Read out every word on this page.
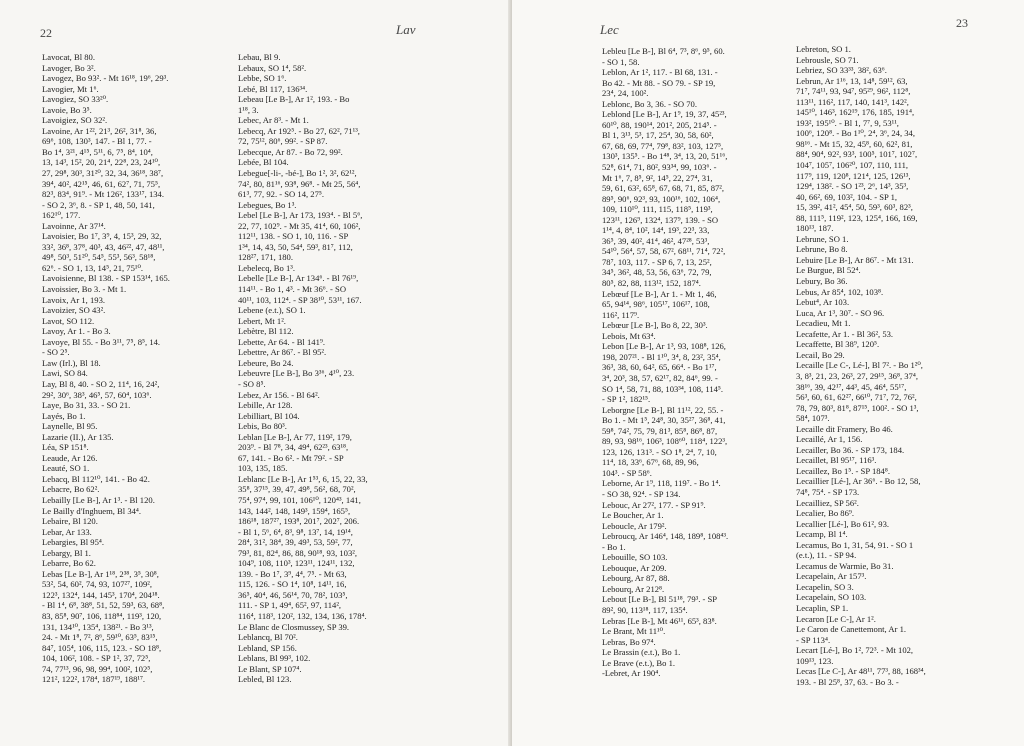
22	Lav
Lavocat, Bl 80.
Lavoger, Bo 3².
Lavogez, Bo 93². - Mt 16¹⁸, 19⁶, 29³.
Lavogier, Mt 1⁶.
Lavogiez, SO 33²⁰.
Lavoie, Bo 3⁵.
Lavoigiez, SO 32².
Lavoine, Ar 1²², 21³, 26², 31⁸, 36,
69⁶, 108, 130³, 147. - Bl 1, 77. -
Bo 1⁴, 3²¹, 4¹⁵, 5¹¹, 6, 7⁵, 8⁴, 10⁴,
13, 14³, 15², 20, 21⁴, 22⁸, 23, 24¹⁰,
27, 29⁸, 30³, 31²⁰, 32, 34, 36¹⁸, 38⁷,
39⁴, 40², 42¹⁵, 46, 61, 62⁷, 71, 75⁵,
82³, 83⁴, 91⁹. - Mt 126², 133¹⁷, 134.
- SO 2, 3⁶, 8. - SP 1, 48, 50, 141,
162¹⁰, 177.
Lavoinne, Ar 37¹⁴.
Lavoisier, Bo 1⁷, 3⁹, 4, 15³, 29, 32,
33², 36⁸, 37⁸, 40³, 43, 46²², 47, 48¹¹,
49⁸, 50³, 51²⁰, 54⁵, 55³, 56³, 58¹⁸,
62⁶. - SO 1, 13, 14⁵, 21, 75¹⁰.
Lavoisienne, Bl 138. - SP 153¹⁴, 165.
Lavoissier, Bo 3. - Mt 1.
Lavoix, Ar 1, 193.
Lavoizier, SO 43².
Lavot, SO 112.
Lavoy, Ar 1. - Bo 3.
Lavoye, Bl 55. - Bo 3¹¹, 7⁵, 8⁵, 14.
- SO 2⁵.
Law (Irl.), Bl 18.
Lawi, SO 84.
Lay, Bl 8, 40. - SO 2, 11⁴, 16, 24²,
29², 30⁶, 38³, 46⁵, 57, 60⁴, 103⁶.
Laye, Bo 31, 33. - SO 21.
Layés, Bo 1.
Laynelle, Bl 95.
Lazarie (II.), Ar 135.
Léa, SP 151⁸.
Leaude, Ar 126.
Leauté, SO 1.
Lebacq, Bl 112¹⁰, 141. - Bo 42.
Lebacre, Bo 62².
Lebailly [Le B-], Ar 1³. - Bl 120.
Le Bailly d'Inghuem, Bl 34⁴.
Lebaire, Bl 120.
Lebar, Ar 133.
Lebargies, Bl 95⁴.
Lebargy, Bl 1.
Lebarre, Bo 62.
Lebas [Le B-], Ar 1¹⁸, 2³⁸, 3⁵, 30⁸,
53², 54, 60², 74, 93, 107²⁷, 109²,
122³, 132⁴, 144, 145³, 170⁴, 204¹⁸.
- Bl 1⁴, 6⁸, 38⁸, 51, 52, 59³, 63, 68⁸,
83, 85⁸, 90⁷, 106, 118⁸⁴, 119³, 120,
131, 134¹⁰, 135⁴, 138²¹. - Bo 3¹³,
24. - Mt 1⁸, 7², 8⁶, 59¹⁰, 63⁵, 83¹⁵,
84⁷, 105⁴, 106, 115, 123. - SO 18⁸,
104, 106², 108. - SP 1², 37, 72⁵,
74, 77¹³, 96, 98, 99⁴, 100², 102⁵,
121², 122², 178⁴, 187¹⁹, 188¹⁷.
Lebau, Bl 9.
Lebaux, SO 1⁴, 58².
Lebbe, SO 1⁶.
Lebé, Bl 117, 136³⁴.
Lebeau [Le B-], Ar 1², 193. - Bo
1¹⁸, 3.
Lebec, Ar 8³. - Mt 1.
Lebecq, Ar 192⁵. - Bo 27, 62², 71¹³,
72, 75¹², 80⁶, 99². - SP 87.
Lebecque, Ar 87. - Bo 72, 99².
Lebée, Bl 104.
Lebegue[-li-, -bé-], Bo 1², 3², 62¹²,
74², 80, 81¹⁶, 93⁸, 96⁸. - Mt 25, 56⁴,
61³, 77, 92. - SO 14, 27⁵.
Lebegues, Bo 1³.
Lebel [Le B-], Ar 173, 193⁴. - Bl 5⁶,
22, 77, 102⁹. - Mt 35, 41⁴, 60, 106²,
112¹¹, 138. - SO 1, 10, 116. - SP
1³⁴, 14, 43, 50, 54⁴, 59³, 81⁷, 112,
128²⁷, 171, 180.
Lebelecq, Bo 1³.
Lebelle [Le B-], Ar 134⁶. - Bl 76¹⁹,
114¹¹. - Bo 1, 4³. - Mt 36⁶. - SO
40¹¹, 103, 112⁴. - SP 38¹⁰, 53¹¹, 167.
Lebene (e.t.), SO 1.
Lebert, Mt 1².
Lebètre, Bl 112.
Lebette, Ar 64. - Bl 141⁹.
Lebettre, Ar 86⁷. - Bl 95².
Lebeure, Bo 24.
Lebeuvre [Le B-], Bo 3³⁶, 4¹⁰, 23.
- SO 8⁵.
Lebez, Ar 156. - Bl 64².
Lebille, Ar 128.
Lebilliart, Bl 104.
Lebis, Bo 80³.
Leblan [Le B-], Ar 77, 119², 179,
203⁹. - Bl 7⁸, 34, 49⁴, 62²³, 63¹⁸,
67, 141. - Bo 6². - Mt 79². - SP
103, 135, 185.
Leblanc [Le B-], Ar 1⁵³, 6, 15, 22, 33,
35⁸, 37¹⁵, 39, 47, 49⁸, 56², 68, 70²,
75⁴, 97⁴, 99, 101, 106¹⁰, 120⁴³, 141,
143, 144², 148, 149³, 159⁴, 165⁵,
186¹⁸, 187²⁷, 193⁸, 201⁷, 202⁷, 206.
- Bl 1, 5⁶, 6⁴, 8³, 9⁸, 13⁷, 14, 19¹⁴,
28⁴, 31², 38⁴, 39, 49³, 53, 59², 77,
79³, 81, 82⁴, 86, 88, 90¹⁸, 93, 103²,
104⁹, 108, 110³, 123¹¹, 124¹¹, 132,
139. - Bo 1⁷, 3⁹, 4⁴, 7⁵. - Mt 63,
115, 126. - SO 1⁴, 10⁸, 14¹¹, 16,
36⁵, 40⁴, 46, 56¹⁴, 70, 78², 103⁵,
111. - SP 1, 49⁴, 65², 97, 114²,
116⁴, 118³, 120², 132, 134, 136, 178⁴.
Le Blanc de Closmussey, SP 39.
Leblancq, Bl 70².
Lebland, SP 156.
Leblans, Bl 99³, 102.
Le Blant, SP 107⁴.
Lebled, Bl 123.
Lec	23
Lebleu [Le B-], Bl 6⁴, 7³, 8⁶, 9⁵, 60.
- SO 1, 58.
Leblon, Ar 1², 117. - Bl 68, 131. -
Bo 42. - Mt 88. - SO 79. - SP 19,
23⁴, 24, 100².
Leblonc, Bo 3, 36. - SO 70.
Leblond [Le B-], Ar 1⁹, 19, 37, 45²³,
60¹⁰, 88, 190¹⁴, 201², 205, 214⁵. -
Bl 1, 3¹³, 5³, 17, 25⁴, 30, 58, 60²,
67, 68, 69, 77⁴, 79⁸, 83², 103, 127⁵,
130³, 135⁵. - Bo 1⁴⁸, 3⁴, 13, 20, 51¹⁶,
52⁸, 61⁴, 71, 80², 93³⁴, 99, 103⁶. -
Mt 1⁶, 7, 8⁵, 9², 14⁵, 22, 27⁴, 31,
59, 61, 63², 65⁸, 67, 68, 71, 85, 87²,
89⁵, 90⁶, 92³, 93, 100¹⁶, 102, 106⁴,
109, 110¹⁰, 111, 115, 118⁵, 119³,
123¹¹, 126⁹, 132⁴, 137⁹, 139. - SO
1¹⁴, 4, 8⁴, 10², 14⁴, 19³, 22³, 33,
36⁵, 39, 40², 41⁴, 46², 47²⁸, 53³,
54¹⁰, 56⁴, 57, 58, 67², 68¹¹, 71⁴, 72²,
78⁷, 103, 117. - SP 6, 7, 13, 25²,
34⁵, 36², 48, 53, 56, 63⁶, 72, 79,
80⁵, 82, 88, 113¹², 152, 187⁴.
Lebœuf [Le B-], Ar 1. - Mt 1, 46,
65, 94¹⁴, 98⁶, 105¹⁷, 106¹⁷, 108,
116², 117⁹.
Lebœur [Le B-], Bo 8, 22, 30³.
Lebois, Mt 63⁴.
Lebon [Le B-], Ar 1³, 93, 108⁸, 126,
198, 207²¹. - Bl 1¹⁰, 3⁴, 8, 23², 35⁴,
36³, 38, 60, 64², 65, 66⁴. - Bo 1¹⁷,
3⁴, 20³, 38, 57, 62¹⁷, 82, 84⁶, 99. -
SO 1⁴, 58, 71, 88, 103³⁴, 108, 114⁵.
- SP 1², 182¹⁵.
Leborgne [Le B-], Bl 11¹², 22, 55. -
Bo 1. - Mt 1⁵, 24⁸, 30, 35²⁷, 36⁸, 41,
59⁸, 74², 75, 79, 81³, 85⁸, 86⁸, 87,
89, 93, 98¹⁶, 106³, 108⁶⁰, 118⁴, 122³,
123, 126, 131³. - SO 1⁸, 2⁴, 7, 10,
11⁴, 18, 33⁶, 67⁶, 68, 89, 96,
104³. - SP 58⁶.
Leborne, Ar 1⁹, 118, 119⁷. - Bo 1⁴.
- SO 38, 92⁴. - SP 134.
Lebouc, Ar 27², 177. - SP 91⁹.
Le Boucher, Ar 1.
Leboucle, Ar 179².
Lebroucq, Ar 146⁴, 148, 189⁸, 108⁴³.
- Bo 1.
Lebouille, SO 103.
Lebouque, Ar 209.
Lebourg, Ar 87, 88.
Lebourq, Ar 212⁸.
Lebout [Le B-], Bl 51¹⁸, 79³. - SP
89², 90, 113¹⁸, 117, 135⁴.
Lebras [Le B-], Mt 46¹¹, 65³, 83⁸.
Le Brant, Mt 11¹⁰.
Lebras, Bo 97⁴.
Le Brassin (e.t.), Bo 1.
Le Brave (e.t.), Bo 1.
-Lebret, Ar 190⁴.
Lebreton, SO 1.
Lebrousle, SO 71.
Lebriez, SO 33³³, 38², 63⁶.
Lebrun, Ar 1¹⁶, 13, 14⁸, 59¹², 63,
71⁷, 74¹¹, 93, 94⁷, 95²⁹, 96², 112⁸,
113¹¹, 116², 117, 140, 141³, 142²,
145¹⁰, 146³, 162¹⁹, 176, 185, 191⁴,
193², 195¹⁰. - Bl 1, 7⁷, 9, 53¹¹,
100⁶, 120⁸. - Bo 1¹⁰, 2⁴, 3⁶, 24, 34,
98¹⁶. - Mt 15, 32, 45⁸, 60, 62², 81,
88⁴, 90⁴, 92², 93³, 100⁵, 101⁷, 102⁷,
104⁷, 105⁷, 106²⁰, 107, 110, 111,
117⁹, 119, 120⁸, 121⁴, 125, 126¹³,
129⁴, 138². - SO 1²³, 2⁶, 14³, 35³,
40, 66², 69, 103², 104. - SP 1,
15, 39², 41², 45⁴, 50, 59³, 60³, 82³,
88, 111⁵, 119², 123, 125⁴, 166, 169,
180¹³, 187.
Lebrune, SO 1.
Lebrune, Bo 8.
Lebuire [Le B-], Ar 86⁷. - Mt 131.
Le Burgue, Bl 52⁴.
Lebury, Bo 36.
Lebus, Ar 85⁴, 102, 103⁸.
Lebut⁴, Ar 103.
Luca, Ar 1³, 30⁷. - SO 96.
Lecadieu, Mt 1.
Lecafette, Ar 1. - Bl 36², 53.
Lecaffette, Bl 38⁹, 120⁵.
Lecail, Bo 29.
Lecaille [Le C-, Lé-], Bl 7². - Bo 1²⁰,
3, 8³, 21, 23, 26³, 27, 29¹⁵, 36⁸, 37⁴,
38¹⁶, 39, 42¹⁷, 44³, 45, 46⁴, 55¹⁷,
56³, 60, 61, 62²⁷, 66¹⁰, 71⁷, 72, 76²,
78, 79, 80³, 81⁸, 87¹⁵, 100². - SO 1³,
58⁴, 107³.
Lecaille dit Framery, Bo 46.
Lecaillé, Ar 1, 156.
Lecailler, Bo 36. - SP 173, 184.
Lecaillet, Bl 95¹⁷, 116³.
Lecaillez, Bo 1⁵. - SP 184⁸.
Lecaillier [Lé-], Ar 36⁶. - Bo 12, 58,
74⁸, 75⁴. - SP 173.
Lecailliez, SP 56².
Lecalier, Bo 86⁹.
Lecallier [Lé-], Bo 61², 93.
Lecamp, Bl 1⁴.
Lecamus, Bo 1, 31, 54, 91. - SO 1
(e.t.), 11. - SP 94.
Lecamus de Warmie, Bo 31.
Lecapelain, Ar 157³.
Lecapelin, SO 3.
Lecapelain, SO 103.
Lecaplin, SP 1.
Lecaron [Le C-], Ar 1².
Le Caron de Canettemont, Ar 1.
- SP 113⁴.
Lecart [Lé-], Bo 1², 72³. - Mt 102,
109¹³, 123.
Lecas [Le C-], Ar 48¹¹, 77³, 88, 168³⁴,
193. - Bl 25⁸, 37, 63. - Bo 3. -
